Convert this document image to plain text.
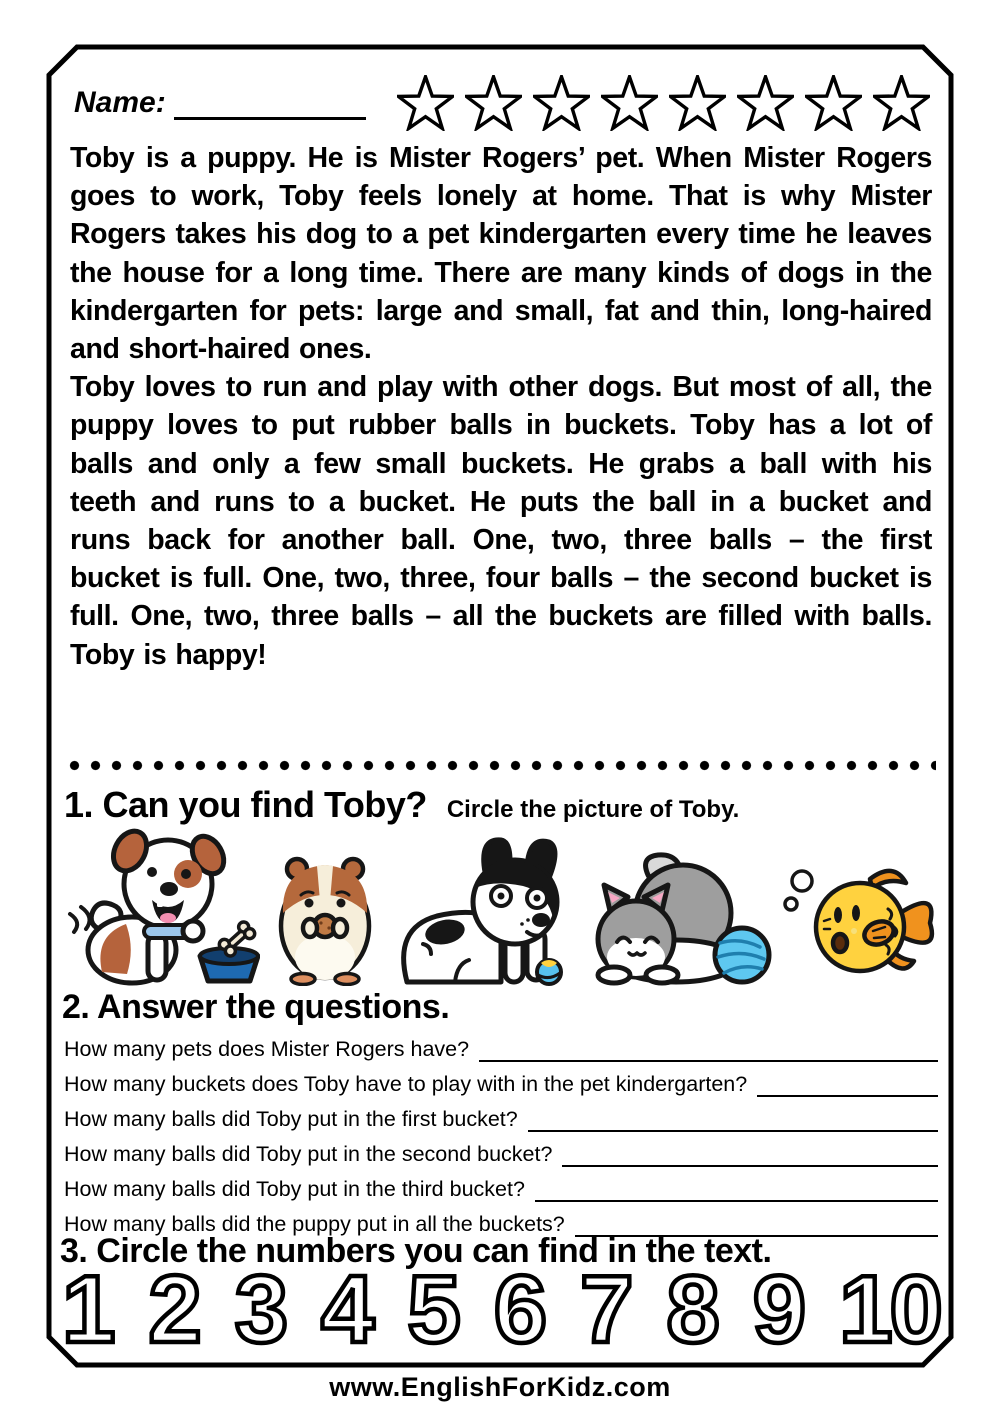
Name:

Toby is a puppy. He is Mister Rogers’ pet. When Mister Rogers goes to work, Toby feels lonely at home. That is why Mister Rogers takes his dog to a pet kindergarten every time he leaves the house for a long time. There are many kinds of dogs in the kindergarten for pets: large and small, fat and thin, long-haired and short-haired ones.

Toby loves to run and play with other dogs. But most of all, the puppy loves to put rubber balls in buckets. Toby has a lot of balls and only a few small buckets. He grabs a ball with his teeth and runs to a bucket. He puts the ball in a bucket and runs back for another ball. One, two, three balls – the first bucket is full. One, two, three, four balls – the second bucket is full. One, two, three balls – all the buckets are filled with balls. Toby is happy!

1. Can you find Toby? Circle the picture of Toby.
2. Answer the questions.
How many pets does Mister Rogers have?
How many buckets does Toby have to play with in the pet kindergarten?
How many balls did Toby put in the first bucket?
How many balls did Toby put in the second bucket?
How many balls did Toby put in the third bucket?
How many balls did the puppy put in all the buckets?
3. Circle the numbers you can find in the text.
1 2 3 4 5 6 7 8 9 10
www.EnglishForKidz.com
